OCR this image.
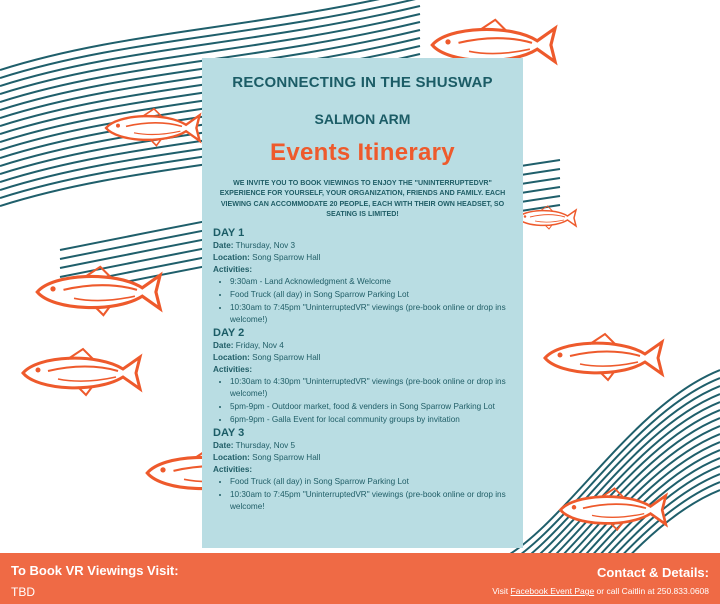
RECONNECTING IN THE SHUSWAP

SALMON ARM

Events Itinerary

WE INVITE YOU TO BOOK VIEWINGS TO ENJOY THE "UNINTERRUPTEDVR" EXPERIENCE FOR YOURSELF, YOUR ORGANIZATION, FRIENDS AND FAMILY. EACH VIEWING CAN ACCOMMODATE 20 PEOPLE, EACH WITH THEIR OWN HEADSET, SO SEATING IS LIMITED!

DAY 1

Date: Thursday, Nov 3

Location: Song Sparrow Hall

Activities:

• 9:30am - Land Acknowledgment & Welcome
• Food Truck (all day) in Song Sparrow Parking Lot
• 10:30am to 7:45pm "UninterruptedVR" viewings (pre-book online or drop ins welcome!)

DAY 2

Date: Friday, Nov 4

Location: Song Sparrow Hall

Activities:

• 10:30am to 4:30pm "UninterruptedVR" viewings (pre-book online or drop ins welcome!)
• 5pm-9pm - Outdoor market, food & venders in Song Sparrow Parking Lot
• 6pm-9pm - Galla Event for local community groups by invitation

DAY 3

Date: Thursday, Nov 5

Location: Song Sparrow Hall

Activities:

• Food Truck (all day) in Song Sparrow Parking Lot
• 10:30am to 7:45pm "UninterruptedVR" viewings (pre-book online or drop ins welcome!
To Book VR Viewings Visit:
TBD
Contact & Details:
Visit Facebook Event Page or call Caitlin at 250.833.0608
